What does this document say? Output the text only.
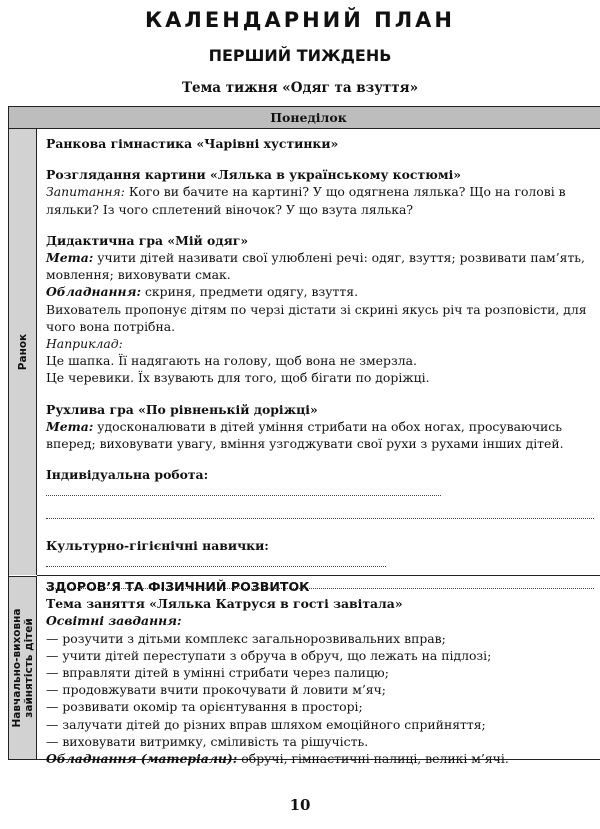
КАЛЕНДАРНИЙ ПЛАН
ПЕРШИЙ ТИЖДЕНЬ
Тема тижня «Одяг та взуття»
Понеділок
Ранок
Навчально-виховна зайнятість дітей

Ранкова гімнастика «Чарівні хустинки»

Розглядання картини «Лялька в українському костюмі»

Запитання: Кого ви бачите на картині? У що одягнена лялька? Що на голові в ляльки? Із чого сплетений віночок? У що взута лялька?

Дидактична гра «Мій одяг»

Мета: учити дітей називати свої улюблені речі: одяг, взуття; розвивати пам’ять, мовлення; виховувати смак.

Обладнання: скриня, предмети одягу, взуття.

Вихователь пропонує дітям по черзі дістати зі скрині якусь річ та розповісти, для чого вона потрібна.

Наприклад:

Це шапка. Її надягають на голову, щоб вона не змерзла.

Це черевики. Їх взувають для того, щоб бігати по доріжці.

Рухлива гра «По рівненькій доріжці»

Мета: удосконалювати в дітей уміння стрибати на обох ногах, просуваючись вперед; виховувати увагу, вміння узгоджувати свої рухи з рухами інших дітей.

Індивідуальна робота:

Культурно-гігієнічні навички:

ЗДОРОВ’Я ТА ФІЗИЧНИЙ РОЗВИТОК

Тема заняття «Лялька Катруся в гості завітала»

Освітні завдання:

— розучити з дітьми комплекс загальнорозвивальних вправ;

— учити дітей переступати з обруча в обруч, що лежать на підлозі;

— вправляти дітей в умінні стрибати через палицю;

— продовжувати вчити прокочувати й ловити м’яч;

— розвивати окомір та орієнтування в просторі;

— залучати дітей до різних вправ шляхом емоційного сприйняття;

— виховувати витримку, сміливість та рішучість.

Обладнання (матеріали): обручі, гімнастичні палиці, великі м’ячі.

10
